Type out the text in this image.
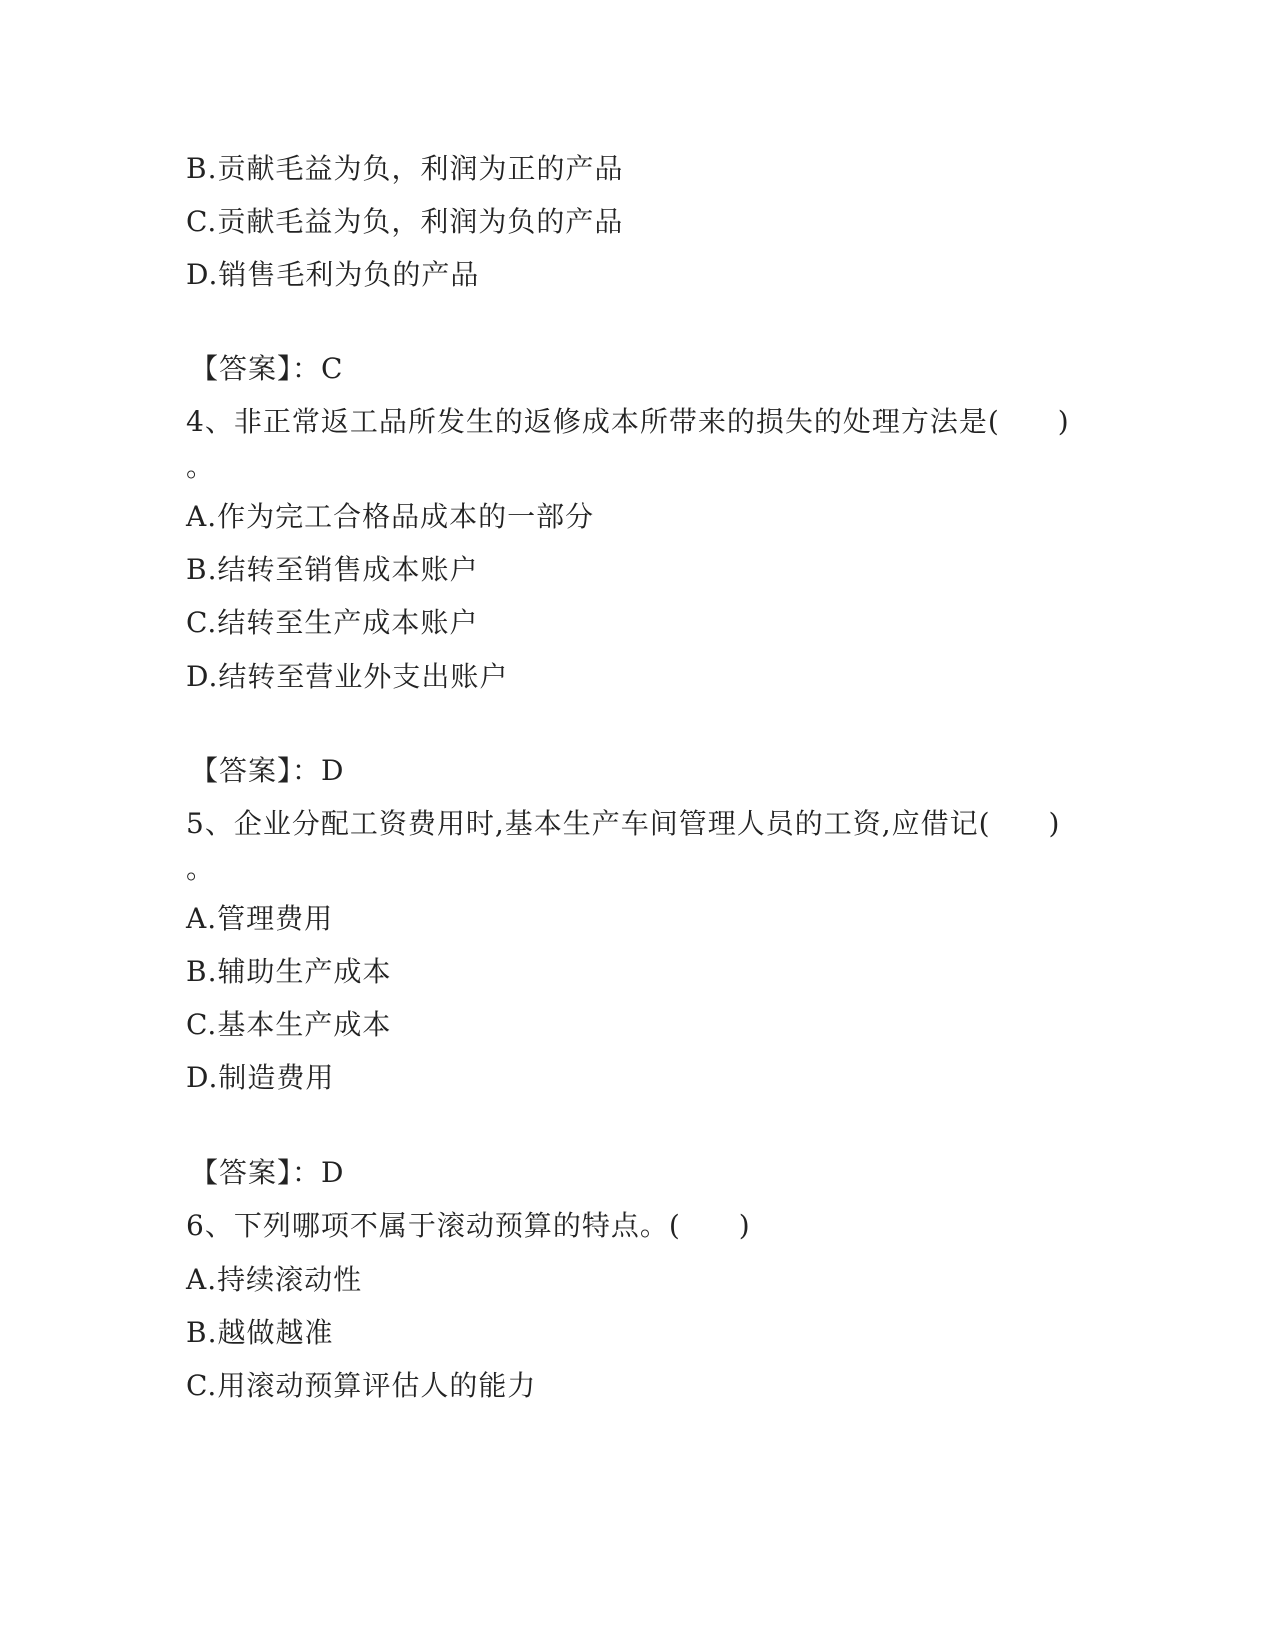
B.贡献毛益为负，利润为正的产品
C.贡献毛益为负，利润为负的产品
D.销售毛利为负的产品
【答案】：C
4、非正常返工品所发生的返修成本所带来的损失的处理方法是(　　)
。
A.作为完工合格品成本的一部分
B.结转至销售成本账户
C.结转至生产成本账户
D.结转至营业外支出账户
【答案】：D
5、企业分配工资费用时,基本生产车间管理人员的工资,应借记(　　)
。
A.管理费用
B.辅助生产成本
C.基本生产成本
D.制造费用
【答案】：D
6、下列哪项不属于滚动预算的特点。(　　)
A.持续滚动性
B.越做越准
C.用滚动预算评估人的能力
